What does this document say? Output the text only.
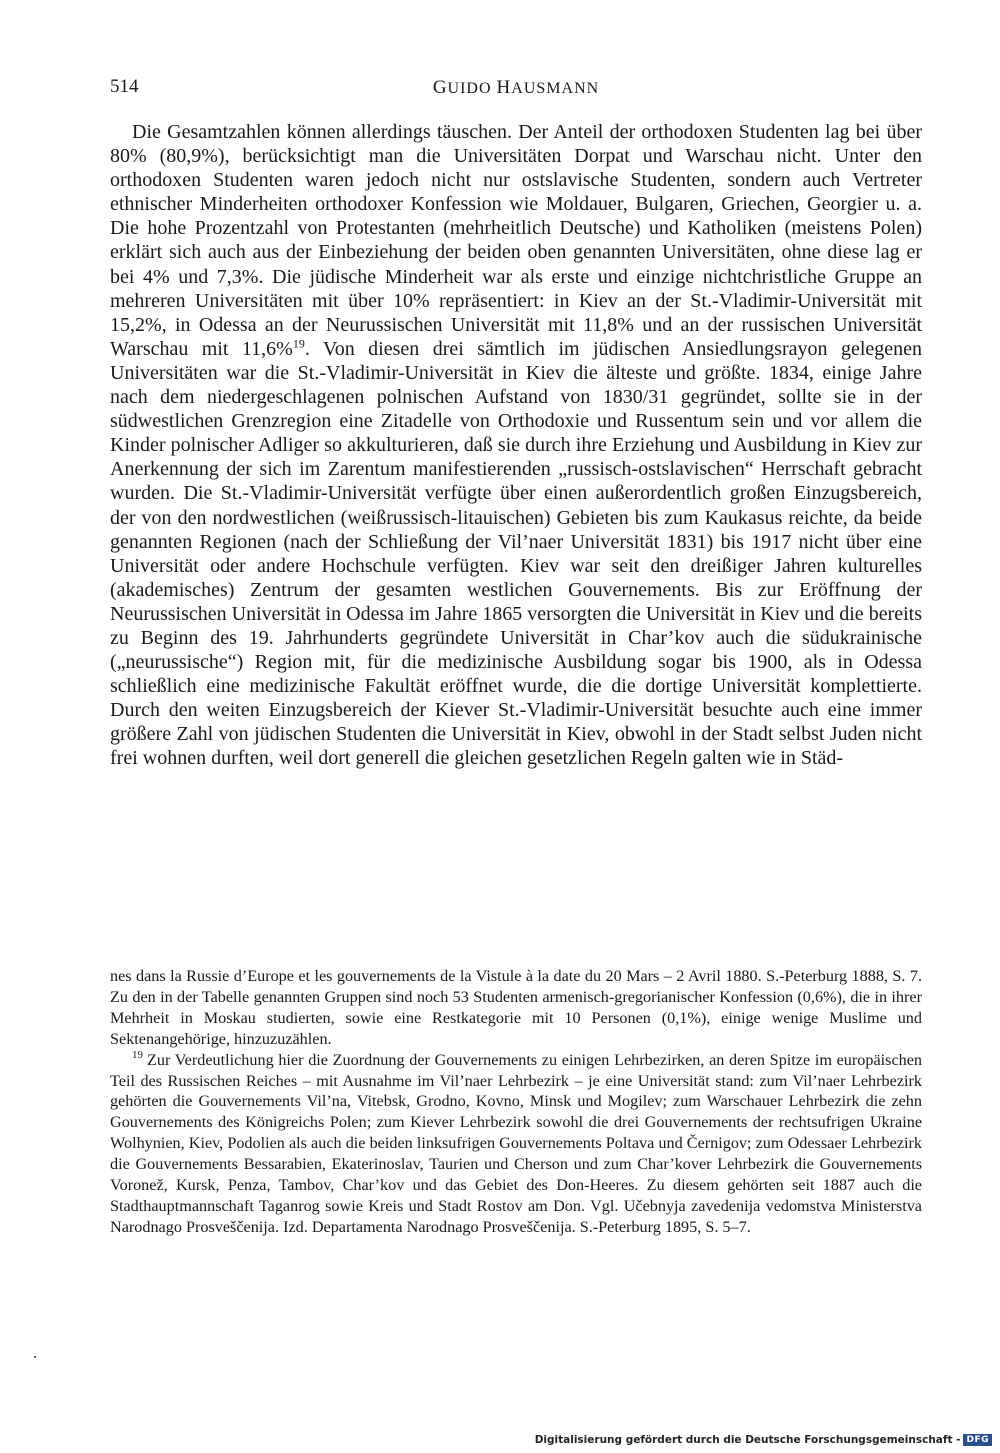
514	GUIDO HAUSMANN

Die Gesamtzahlen können allerdings täuschen. Der Anteil der orthodoxen Studenten lag bei über 80% (80,9%), berücksichtigt man die Universitäten Dorpat und Warschau nicht. Unter den orthodoxen Studenten waren jedoch nicht nur ostslavische Studenten, sondern auch Vertreter ethnischer Minderheiten orthodoxer Konfession wie Moldauer, Bulgaren, Griechen, Georgier u. a. Die hohe Prozentzahl von Protestanten (mehrheitlich Deutsche) und Katholiken (meistens Polen) erklärt sich auch aus der Einbeziehung der beiden oben genannten Universitäten, ohne diese lag er bei 4% und 7,3%. Die jüdische Minderheit war als erste und einzige nichtchristliche Gruppe an mehreren Universitäten mit über 10% repräsentiert: in Kiev an der St.-Vladimir-Universität mit 15,2%, in Odessa an der Neurussischen Universität mit 11,8% und an der russischen Universität Warschau mit 11,6%$^{19}$. Von diesen drei sämtlich im jüdischen Ansiedlungsrayon gelegenen Universitäten war die St.-Vladimir-Universität in Kiev die älteste und größte. 1834, einige Jahre nach dem niedergeschlagenen polnischen Aufstand von 1830/31 gegründet, sollte sie in der südwestlichen Grenzregion eine Zitadelle von Orthodoxie und Russentum sein und vor allem die Kinder polnischer Adliger so akkulturieren, daß sie durch ihre Erziehung und Ausbildung in Kiev zur Anerkennung der sich im Zarentum manifestierenden „russisch-ostslavischen“ Herrschaft gebracht wurden. Die St.-Vladimir-Universität verfügte über einen außerordentlich großen Einzugsbereich, der von den nordwestlichen (weißrussisch-litauischen) Gebieten bis zum Kaukasus reichte, da beide genannten Regionen (nach der Schließung der Vil’naer Universität 1831) bis 1917 nicht über eine Universität oder andere Hochschule verfügten. Kiev war seit den dreißiger Jahren kulturelles (akademisches) Zentrum der gesamten westlichen Gouvernements. Bis zur Eröffnung der Neurussischen Universität in Odessa im Jahre 1865 versorgten die Universität in Kiev und die bereits zu Beginn des 19. Jahrhunderts gegründete Universität in Char’kov auch die südukrainische („neurussische“) Region mit, für die medizinische Ausbildung sogar bis 1900, als in Odessa schließlich eine medizinische Fakultät eröffnet wurde, die die dortige Universität komplettierte. Durch den weiten Einzugsbereich der Kiever St.-Vladimir-Universität besuchte auch eine immer größere Zahl von jüdischen Studenten die Universität in Kiev, obwohl in der Stadt selbst Juden nicht frei wohnen durften, weil dort generell die gleichen gesetzlichen Regeln galten wie in Städ-

nes dans la Russie d’Europe et les gouvernements de la Vistule à la date du 20 Mars – 2 Avril 1880. S.-Peterburg 1888, S. 7. Zu den in der Tabelle genannten Gruppen sind noch 53 Studenten armenisch-gregorianischer Konfession (0,6%), die in ihrer Mehrheit in Moskau studierten, sowie eine Restkategorie mit 10 Personen (0,1%), einige wenige Muslime und Sektenangehörige, hinzuzuzählen.

$^{19}$ Zur Verdeutlichung hier die Zuordnung der Gouvernements zu einigen Lehrbezirken, an deren Spitze im europäischen Teil des Russischen Reiches – mit Ausnahme im Vil’naer Lehrbezirk – je eine Universität stand: zum Vil’naer Lehrbezirk gehörten die Gouvernements Vil’na, Vitebsk, Grodno, Kovno, Minsk und Mogilev; zum Warschauer Lehrbezirk die zehn Gouvernements des Königreichs Polen; zum Kiever Lehrbezirk sowohl die drei Gouvernements der rechtsufrigen Ukraine Wolhynien, Kiev, Podolien als auch die beiden linksufrigen Gouvernements Poltava und Černigov; zum Odessaer Lehrbezirk die Gouvernements Bessarabien, Ekaterinoslav, Taurien und Cherson und zum Char’kover Lehrbezirk die Gouvernements Voronež, Kursk, Penza, Tambov, Char’kov und das Gebiet des Don-Heeres. Zu diesem gehörten seit 1887 auch die Stadthauptmannschaft Taganrog sowie Kreis und Stadt Rostov am Don. Vgl. Učebnyja zavedenija vedomstva Ministerstva Narodnago Prosveščenija. Izd. Departamenta Narodnago Prosveščenija. S.-Peterburg 1895, S. 5–7.

Digitalisierung gefördert durch die Deutsche Forschungsgemeinschaft - DFG
